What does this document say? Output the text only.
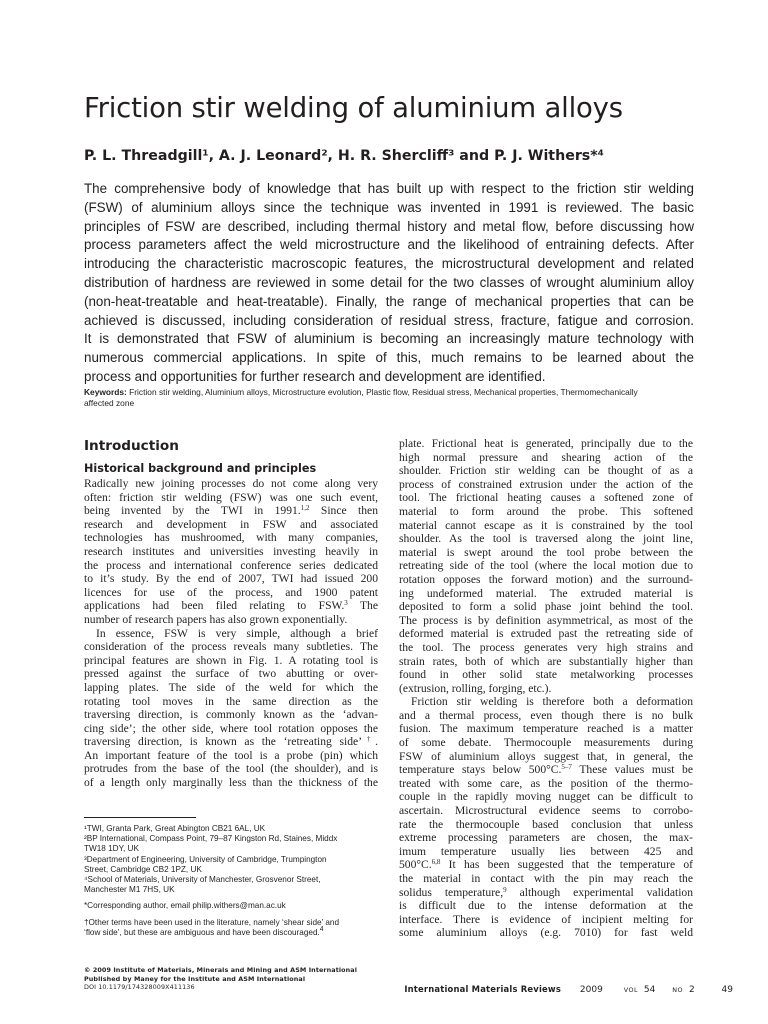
Friction stir welding of aluminium alloys
P. L. Threadgill¹, A. J. Leonard², H. R. Shercliff³ and P. J. Withers*⁴
The comprehensive body of knowledge that has built up with respect to the friction stir welding
(FSW) of aluminium alloys since the technique was invented in 1991 is reviewed. The basic
principles of FSW are described, including thermal history and metal flow, before discussing how
process parameters affect the weld microstructure and the likelihood of entraining defects. After
introducing the characteristic macroscopic features, the microstructural development and related
distribution of hardness are reviewed in some detail for the two classes of wrought aluminium alloy
(non-heat-treatable and heat-treatable). Finally, the range of mechanical properties that can be
achieved is discussed, including consideration of residual stress, fracture, fatigue and corrosion.
It is demonstrated that FSW of aluminium is becoming an increasingly mature technology with
numerous commercial applications. In spite of this, much remains to be learned about the
process and opportunities for further research and development are identified.
Keywords: Friction stir welding, Aluminium alloys, Microstructure evolution, Plastic flow, Residual stress, Mechanical properties, Thermomechanically
affected zone
Introduction
Historical background and principles
Radically new joining processes do not come along very
often: friction stir welding (FSW) was one such event,
being invented by the TWI in 1991.$^{1,2}$ Since then
research and development in FSW and associated
technologies has mushroomed, with many companies,
research institutes and universities investing heavily in
the process and international conference series dedicated
to it’s study. By the end of 2007, TWI had issued 200
licences for use of the process, and 1900 patent
applications had been filed relating to FSW.$^3$ The
number of research papers has also grown exponentially.
In essence, FSW is very simple, although a brief
consideration of the process reveals many subtleties. The
principal features are shown in Fig. 1. A rotating tool is
pressed against the surface of two abutting or over-
lapping plates. The side of the weld for which the
rotating tool moves in the same direction as the
traversing direction, is commonly known as the ‘advan-
cing side’; the other side, where tool rotation opposes the
traversing direction, is known as the ‘retreating side’†.
An important feature of the tool is a probe (pin) which
protrudes from the base of the tool (the shoulder), and is
of a length only marginally less than the thickness of the
plate. Frictional heat is generated, principally due to the
high normal pressure and shearing action of the
shoulder. Friction stir welding can be thought of as a
process of constrained extrusion under the action of the
tool. The frictional heating causes a softened zone of
material to form around the probe. This softened
material cannot escape as it is constrained by the tool
shoulder. As the tool is traversed along the joint line,
material is swept around the tool probe between the
retreating side of the tool (where the local motion due to
rotation opposes the forward motion) and the surround-
ing undeformed material. The extruded material is
deposited to form a solid phase joint behind the tool.
The process is by definition asymmetrical, as most of the
deformed material is extruded past the retreating side of
the tool. The process generates very high strains and
strain rates, both of which are substantially higher than
found in other solid state metalworking processes
(extrusion, rolling, forging, etc.).
Friction stir welding is therefore both a deformation
and a thermal process, even though there is no bulk
fusion. The maximum temperature reached is a matter
of some debate. Thermocouple measurements during
FSW of aluminium alloys suggest that, in general, the
temperature stays below 500°C.$^{5-7}$ These values must be
treated with some care, as the position of the thermo-
couple in the rapidly moving nugget can be difficult to
ascertain. Microstructural evidence seems to corrobo-
rate the thermocouple based conclusion that unless
extreme processing parameters are chosen, the max-
imum temperature usually lies between 425 and
500°C.$^{6,8}$ It has been suggested that the temperature of
the material in contact with the pin may reach the
solidus temperature,$^9$ although experimental validation
is difficult due to the intense deformation at the
interface. There is evidence of incipient melting for
some aluminium alloys (e.g. 7010) for fast weld
¹TWI, Granta Park, Great Abington CB21 6AL, UK
²BP International, Compass Point, 79–87 Kingston Rd, Staines, Middx
TW18 1DY, UK
³Department of Engineering, University of Cambridge, Trumpington
Street, Cambridge CB2 1PZ, UK
⁴School of Materials, University of Manchester, Grosvenor Street,
Manchester M1 7HS, UK
*Corresponding author, email philip.withers@man.ac.uk
†Other terms have been used in the literature, namely ‘shear side’ and
‘flow side’, but these are ambiguous and have been discouraged.$^4$
© 2009 Institute of Materials, Minerals and Mining and ASM International
Published by Maney for the Institute and ASM International
DOI 10.1179/174328009X411136	International Materials Reviews 2009	VOL 54	NO 2	49
